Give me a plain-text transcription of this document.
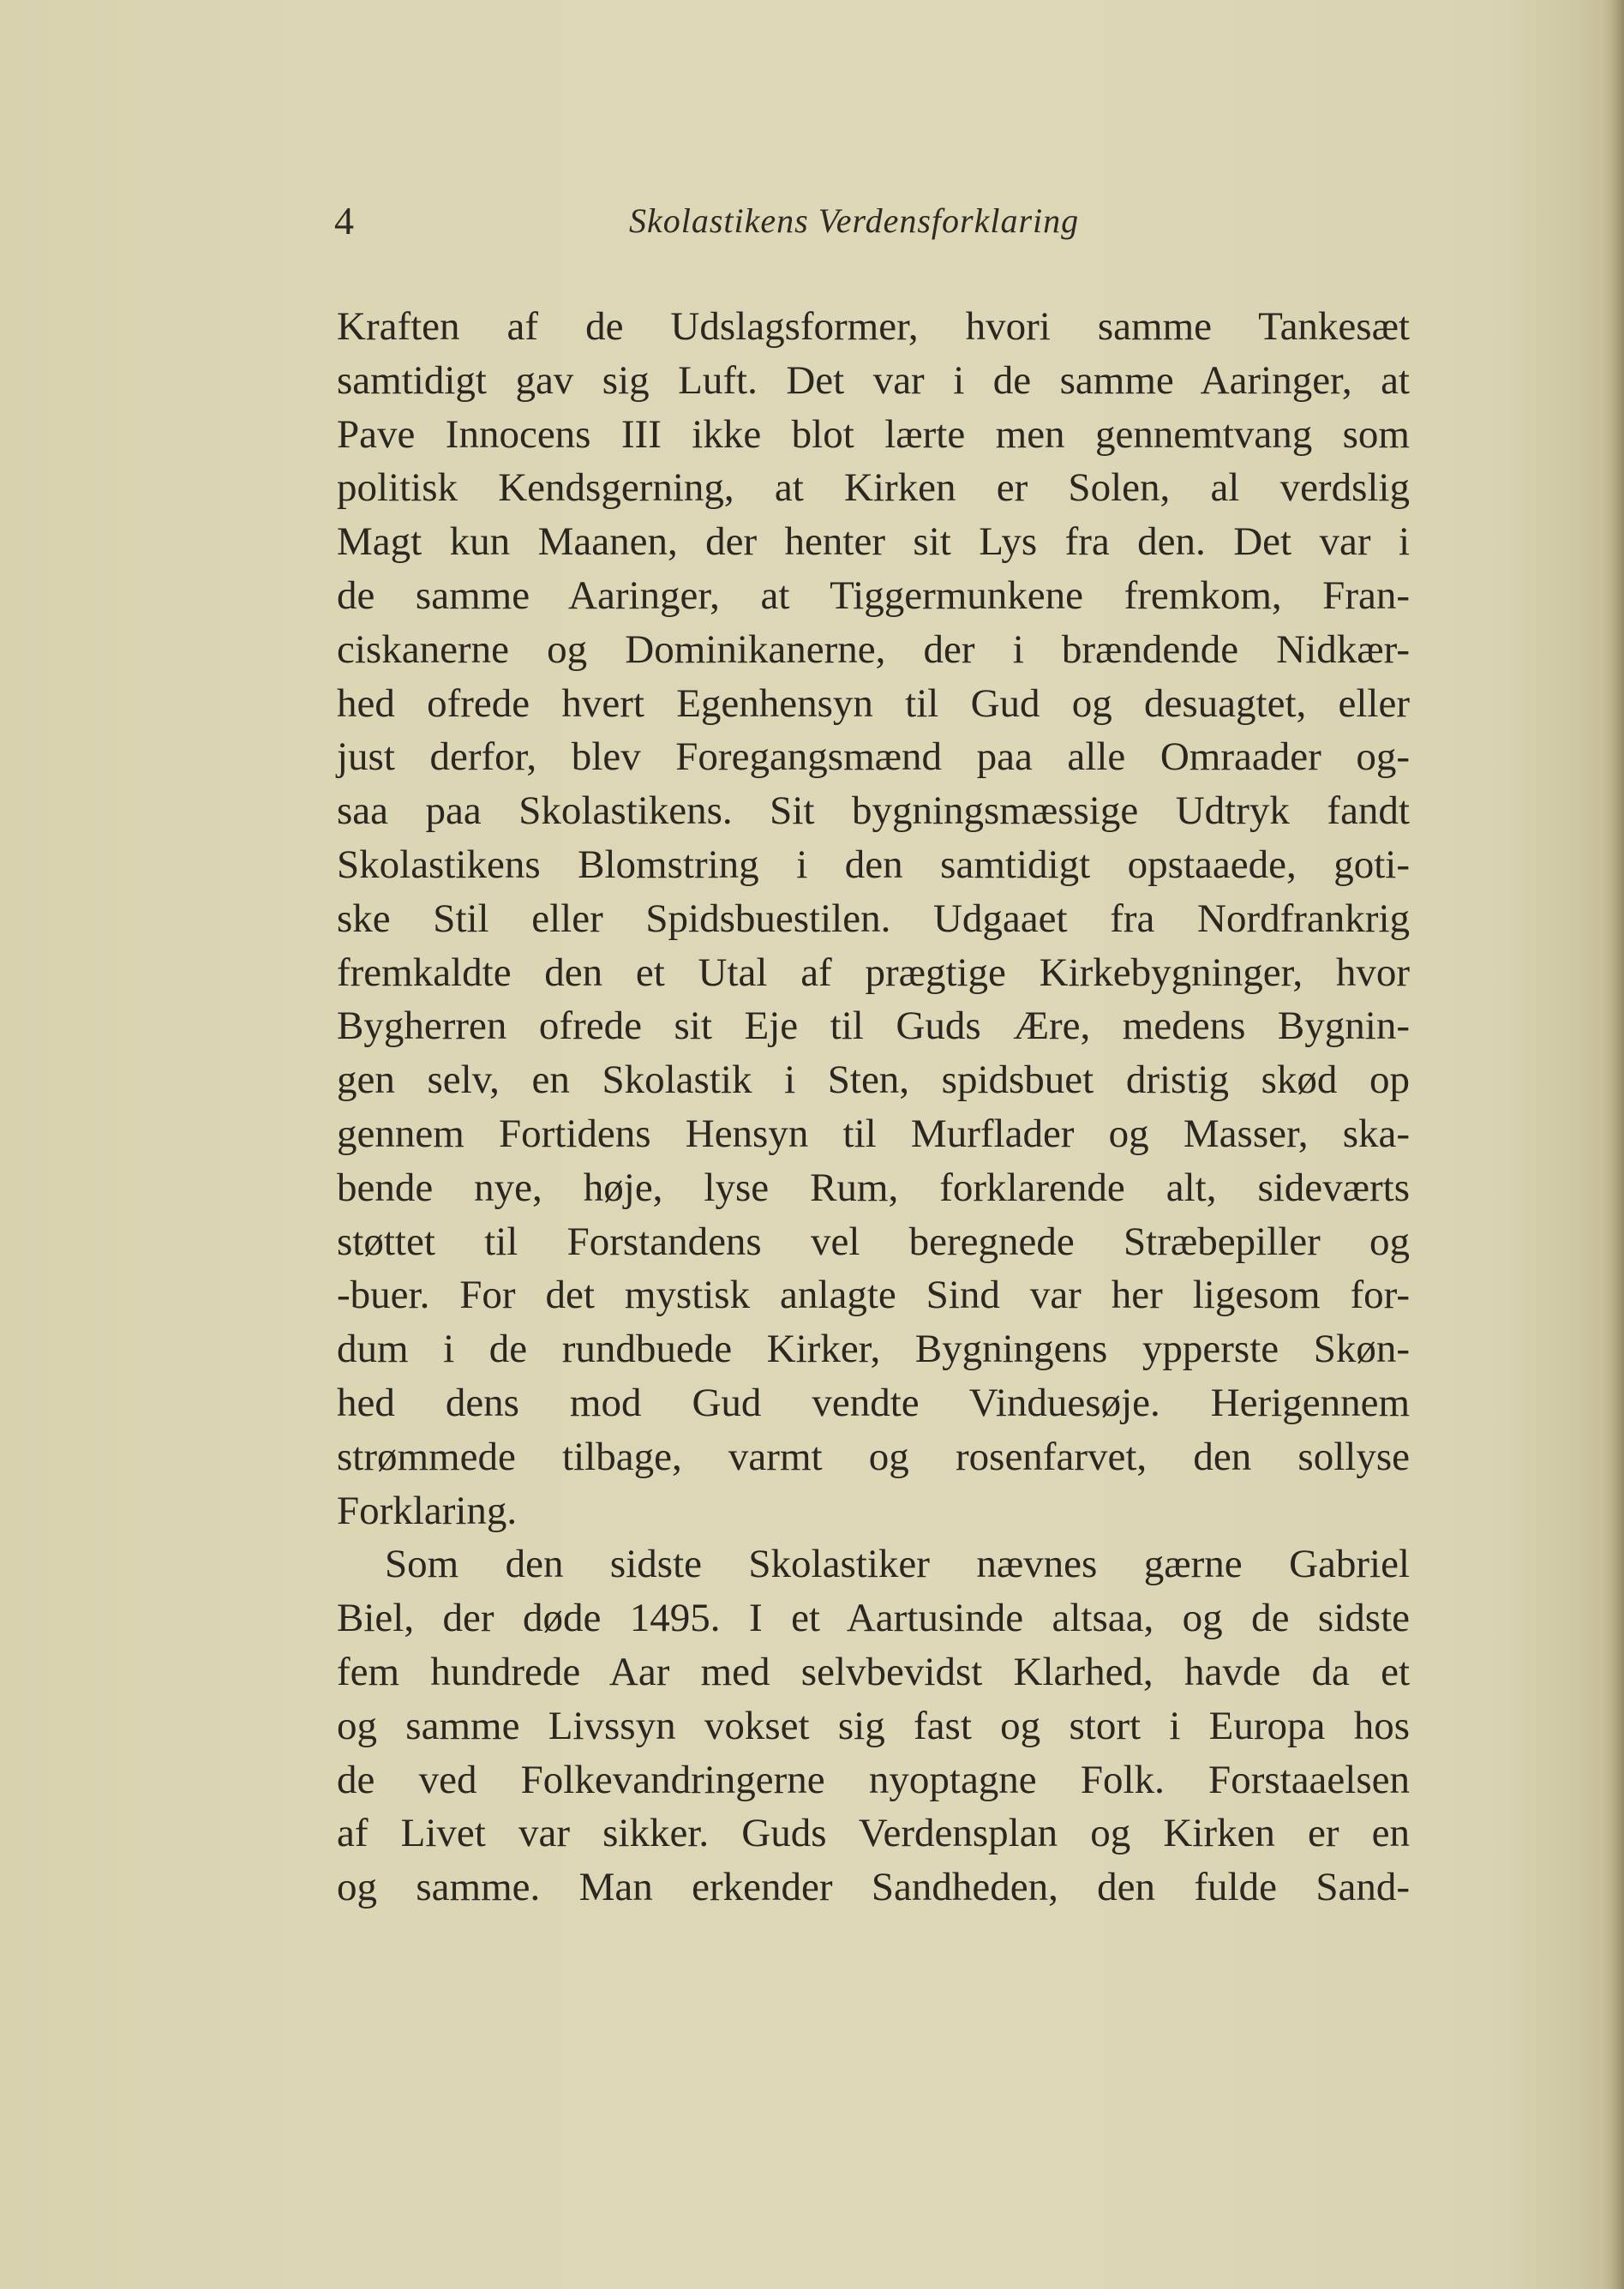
4	Skolastikens Verdensforklaring
Kraften af de Udslagsformer, hvori samme Tankesæt
samtidigt gav sig Luft. Det var i de samme Aaringer, at
Pave Innocens III ikke blot lærte men gennemtvang som
politisk Kendsgerning, at Kirken er Solen, al verdslig
Magt kun Maanen, der henter sit Lys fra den. Det var i
de samme Aaringer, at Tiggermunkene fremkom, Fran-
ciskanerne og Dominikanerne, der i brændende Nidkær-
hed ofrede hvert Egenhensyn til Gud og desuagtet, eller
just derfor, blev Foregangsmænd paa alle Omraader og-
saa paa Skolastikens. Sit bygningsmæssige Udtryk fandt
Skolastikens Blomstring i den samtidigt opstaaede, goti-
ske Stil eller Spidsbuestilen. Udgaaet fra Nordfrankrig
fremkaldte den et Utal af prægtige Kirkebygninger, hvor
Bygherren ofrede sit Eje til Guds Ære, medens Bygnin-
gen selv, en Skolastik i Sten, spidsbuet dristig skød op
gennem Fortidens Hensyn til Murflader og Masser, ska-
bende nye, høje, lyse Rum, forklarende alt, sideværts
støttet til Forstandens vel beregnede Stræbepiller og
-buer. For det mystisk anlagte Sind var her ligesom for-
dum i de rundbuede Kirker, Bygningens ypperste Skøn-
hed dens mod Gud vendte Vinduesøje. Herigennem
strømmede tilbage, varmt og rosenfarvet, den sollyse
Forklaring.
Som den sidste Skolastiker nævnes gærne Gabriel
Biel, der døde 1495. I et Aartusinde altsaa, og de sidste
fem hundrede Aar med selvbevidst Klarhed, havde da et
og samme Livssyn vokset sig fast og stort i Europa hos
de ved Folkevandringerne nyoptagne Folk. Forstaaelsen
af Livet var sikker. Guds Verdensplan og Kirken er en
og samme. Man erkender Sandheden, den fulde Sand-
